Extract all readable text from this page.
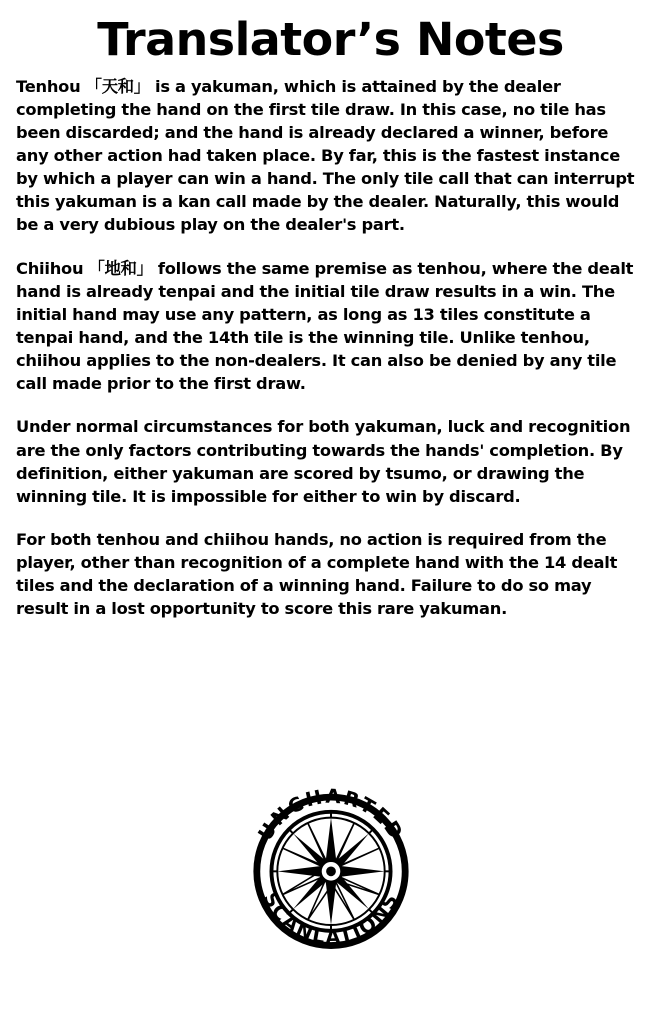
Translator’s Notes

Tenhou 「天和」 is a yakuman, which is attained by the dealer completing the hand on the first tile draw. In this case, no tile has been discarded; and the hand is already declared a winner, before any other action had taken place. By far, this is the fastest instance by which a player can win a hand. The only tile call that can interrupt this yakuman is a kan call made by the dealer. Naturally, this would be a very dubious play on the dealer's part.

Chiihou 「地和」 follows the same premise as tenhou, where the dealt hand is already tenpai and the initial tile draw results in a win. The initial hand may use any pattern, as long as 13 tiles constitute a tenpai hand, and the 14th tile is the winning tile. Unlike tenhou, chiihou applies to the non-dealers. It can also be denied by any tile call made prior to the first draw.

Under normal circumstances for both yakuman, luck and recognition are the only factors contributing towards the hands' completion. By definition, either yakuman are scored by tsumo, or drawing the winning tile. It is impossible for either to win by discard.

For both tenhou and chiihou hands, no action is required from the player, other than recognition of a complete hand with the 14 dealt tiles and the declaration of a winning hand. Failure to do so may result in a lost opportunity to score this rare yakuman.

UNCHARTED
SCANLATIONS
